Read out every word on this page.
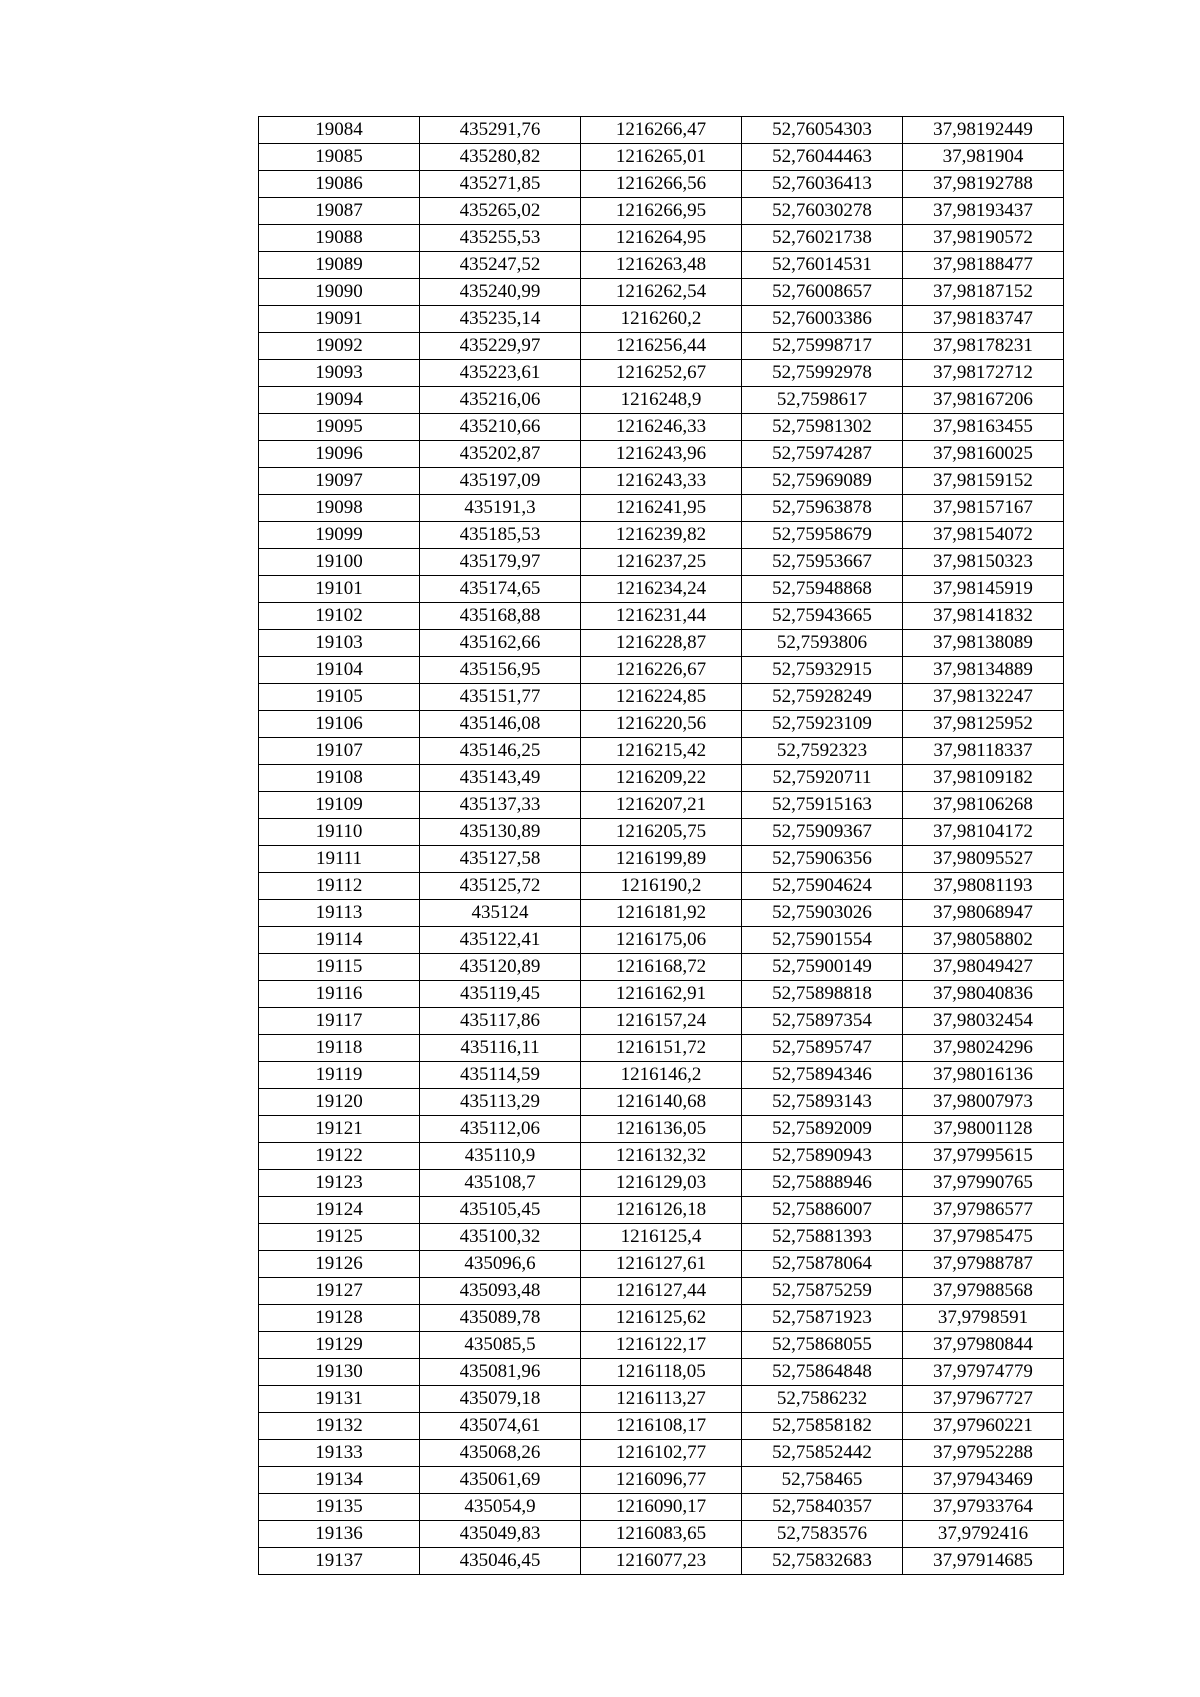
19084	435291,76	1216266,47	52,76054303	37,98192449
19085	435280,82	1216265,01	52,76044463	37,981904
19086	435271,85	1216266,56	52,76036413	37,98192788
19087	435265,02	1216266,95	52,76030278	37,98193437
19088	435255,53	1216264,95	52,76021738	37,98190572
19089	435247,52	1216263,48	52,76014531	37,98188477
19090	435240,99	1216262,54	52,76008657	37,98187152
19091	435235,14	1216260,2	52,76003386	37,98183747
19092	435229,97	1216256,44	52,75998717	37,98178231
19093	435223,61	1216252,67	52,75992978	37,98172712
19094	435216,06	1216248,9	52,7598617	37,98167206
19095	435210,66	1216246,33	52,75981302	37,98163455
19096	435202,87	1216243,96	52,75974287	37,98160025
19097	435197,09	1216243,33	52,75969089	37,98159152
19098	435191,3	1216241,95	52,75963878	37,98157167
19099	435185,53	1216239,82	52,75958679	37,98154072
19100	435179,97	1216237,25	52,75953667	37,98150323
19101	435174,65	1216234,24	52,75948868	37,98145919
19102	435168,88	1216231,44	52,75943665	37,98141832
19103	435162,66	1216228,87	52,7593806	37,98138089
19104	435156,95	1216226,67	52,75932915	37,98134889
19105	435151,77	1216224,85	52,75928249	37,98132247
19106	435146,08	1216220,56	52,75923109	37,98125952
19107	435146,25	1216215,42	52,7592323	37,98118337
19108	435143,49	1216209,22	52,75920711	37,98109182
19109	435137,33	1216207,21	52,75915163	37,98106268
19110	435130,89	1216205,75	52,75909367	37,98104172
19111	435127,58	1216199,89	52,75906356	37,98095527
19112	435125,72	1216190,2	52,75904624	37,98081193
19113	435124	1216181,92	52,75903026	37,98068947
19114	435122,41	1216175,06	52,75901554	37,98058802
19115	435120,89	1216168,72	52,75900149	37,98049427
19116	435119,45	1216162,91	52,75898818	37,98040836
19117	435117,86	1216157,24	52,75897354	37,98032454
19118	435116,11	1216151,72	52,75895747	37,98024296
19119	435114,59	1216146,2	52,75894346	37,98016136
19120	435113,29	1216140,68	52,75893143	37,98007973
19121	435112,06	1216136,05	52,75892009	37,98001128
19122	435110,9	1216132,32	52,75890943	37,97995615
19123	435108,7	1216129,03	52,75888946	37,97990765
19124	435105,45	1216126,18	52,75886007	37,97986577
19125	435100,32	1216125,4	52,75881393	37,97985475
19126	435096,6	1216127,61	52,75878064	37,97988787
19127	435093,48	1216127,44	52,75875259	37,97988568
19128	435089,78	1216125,62	52,75871923	37,9798591
19129	435085,5	1216122,17	52,75868055	37,97980844
19130	435081,96	1216118,05	52,75864848	37,97974779
19131	435079,18	1216113,27	52,7586232	37,97967727
19132	435074,61	1216108,17	52,75858182	37,97960221
19133	435068,26	1216102,77	52,75852442	37,97952288
19134	435061,69	1216096,77	52,758465	37,97943469
19135	435054,9	1216090,17	52,75840357	37,97933764
19136	435049,83	1216083,65	52,7583576	37,9792416
19137	435046,45	1216077,23	52,75832683	37,97914685
